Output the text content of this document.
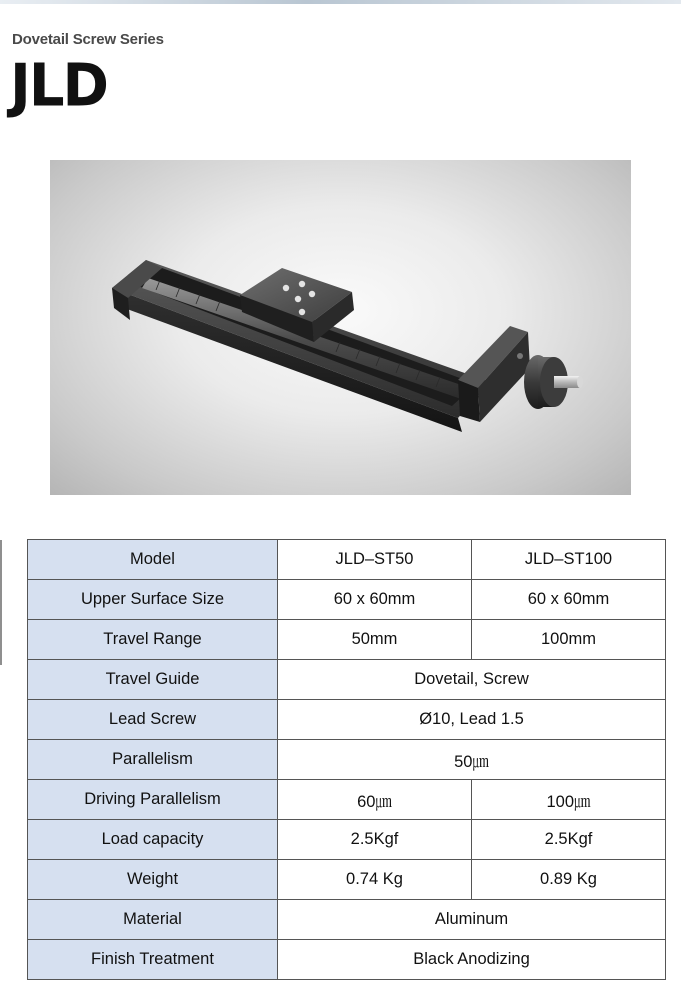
Dovetail Screw Series
JLD
Model	JLD–ST50	JLD–ST100
Upper Surface Size	60 x 60mm	60 x 60mm
Travel Range	50mm	100mm
Travel Guide	Dovetail, Screw	
Lead Screw	Ø10, Lead 1.5	
Parallelism	50㎛	
Driving Parallelism	60㎛	100㎛
Load capacity	2.5Kgf	2.5Kgf
Weight	0.74 Kg	0.89 Kg
Material	Aluminum	
Finish Treatment	Black Anodizing	
